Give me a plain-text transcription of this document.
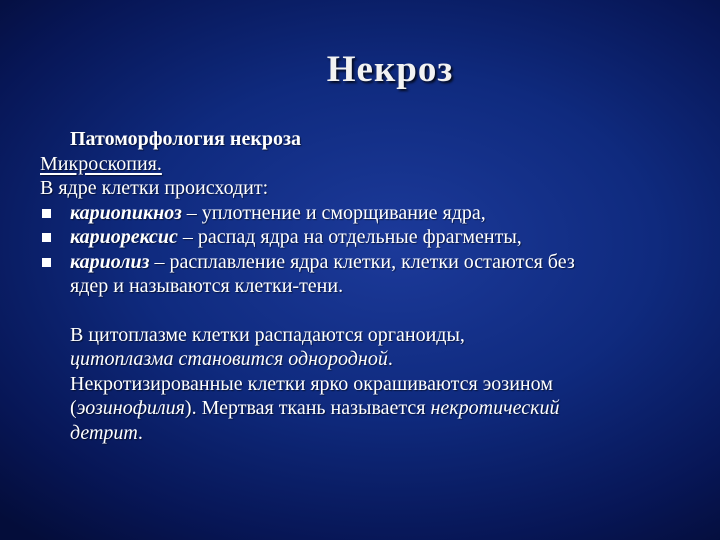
Некроз
Патоморфология некроза
Микроскопия.
В ядре клетки происходит:
кариопикноз – уплотнение и сморщивание ядра,
кариорексис – распад ядра на отдельные фрагменты,
кариолиз – расплавление ядра клетки, клетки остаются без
ядер и называются клетки-тени.
В цитоплазме клетки распадаются органоиды,
цитоплазма становится однородной.
Некротизированные клетки ярко окрашиваются эозином
(эозинофилия). Мертвая ткань называется некротический
детрит.
